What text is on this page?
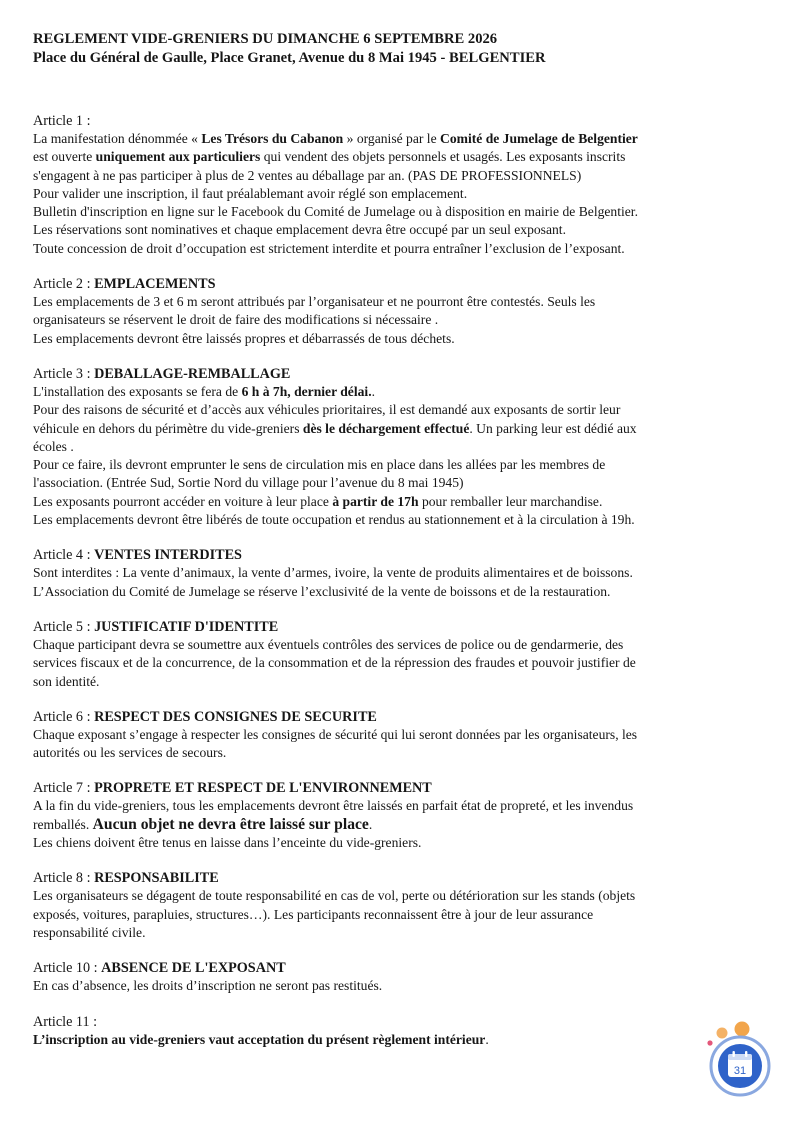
REGLEMENT VIDE-GRENIERS DU DIMANCHE 6 SEPTEMBRE 2026

Place du Général de Gaulle, Place Granet, Avenue du 8 Mai 1945 - BELGENTIER

Article 1 :

La manifestation dénommée « Les Trésors du Cabanon » organisé par le Comité de Jumelage de Belgentier

est ouverte uniquement aux particuliers qui vendent des objets personnels et usagés. Les exposants inscrits

s'engagent à ne pas participer à plus de 2 ventes au déballage par an. (PAS DE PROFESSIONNELS)

Pour valider une inscription, il faut préalablemant avoir réglé son emplacement.

Bulletin d'inscription en ligne sur le Facebook du Comité de Jumelage ou à disposition en mairie de Belgentier.

Les réservations sont nominatives et chaque emplacement devra être occupé par un seul exposant.

Toute concession de droit d’occupation est strictement interdite et pourra entraîner l’exclusion de l’exposant.

Article 2 : EMPLACEMENTS

Les emplacements de 3 et 6 m seront attribués par l’organisateur et ne pourront être contestés. Seuls les

organisateurs se réservent le droit de faire des modifications si nécessaire .

Les emplacements devront être laissés propres et débarrassés de tous déchets.

Article 3 : DEBALLAGE-REMBALLAGE

L'installation des exposants se fera de 6 h à 7h, dernier délai..

Pour des raisons de sécurité et d’accès aux véhicules prioritaires, il est demandé aux exposants de sortir leur

véhicule en dehors du périmètre du vide-greniers dès le déchargement effectué. Un parking leur est dédié aux

écoles .

Pour ce faire, ils devront emprunter le sens de circulation mis en place dans les allées par les membres de

l'association. (Entrée Sud, Sortie Nord du village pour l’avenue du 8 mai 1945)

Les exposants pourront accéder en voiture à leur place à partir de 17h pour remballer leur marchandise.

Les emplacements devront être libérés de toute occupation et rendus au stationnement et à la circulation à 19h.

Article 4 : VENTES INTERDITES

Sont interdites : La vente d’animaux, la vente d’armes, ivoire, la vente de produits alimentaires et de boissons.

L’Association du Comité de Jumelage se réserve l’exclusivité de la vente de boissons et de la restauration.

Article 5 : JUSTIFICATIF D'IDENTITE

Chaque participant devra se soumettre aux éventuels contrôles des services de police ou de gendarmerie, des

services fiscaux et de la concurrence, de la consommation et de la répression des fraudes et pouvoir justifier de

son identité.

Article 6 : RESPECT DES CONSIGNES DE SECURITE

Chaque exposant s’engage à respecter les consignes de sécurité qui lui seront données par les organisateurs, les

autorités ou les services de secours.

Article 7 : PROPRETE ET RESPECT DE L'ENVIRONNEMENT

A la fin du vide-greniers, tous les emplacements devront être laissés en parfait état de propreté, et les invendus

remballés. Aucun objet ne devra être laissé sur place.

Les chiens doivent être tenus en laisse dans l’enceinte du vide-greniers.

Article 8 : RESPONSABILITE

Les organisateurs se dégagent de toute responsabilité en cas de vol, perte ou détérioration sur les stands (objets

exposés, voitures, parapluies, structures…). Les participants reconnaissent être à jour de leur assurance

responsabilité civile.

Article 10 : ABSENCE DE L'EXPOSANT

En cas d’absence, les droits d’inscription ne seront pas restitués.

Article 11 :

L’inscription au vide-greniers vaut acceptation du présent règlement intérieur.

31
